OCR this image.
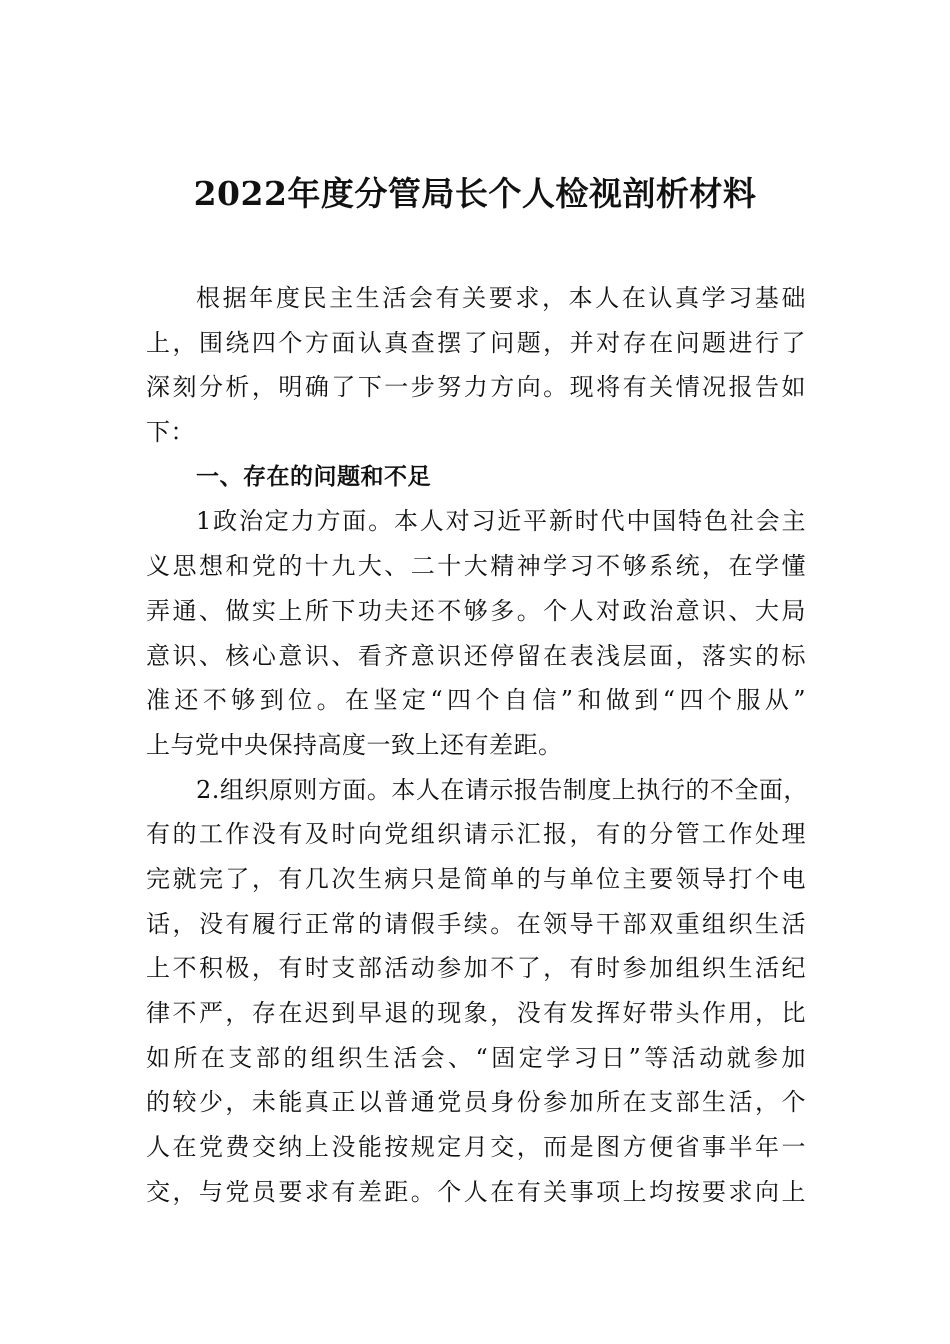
2022年度分管局长个人检视剖析材料
根据年度民主生活会有关要求，本人在认真学习基础
上，围绕四个方面认真查摆了问题，并对存在问题进行了
深刻分析，明确了下一步努力方向。现将有关情况报告如
下：
一、存在的问题和不足
1政治定力方面。本人对习近平新时代中国特色社会主
义思想和党的十九大、二十大精神学习不够系统，在学懂
弄通、做实上所下功夫还不够多。个人对政治意识、大局
意识、核心意识、看齐意识还停留在表浅层面，落实的标
准还不够到位。在坚定“四个自信”和做到“四个服从”
上与党中央保持高度一致上还有差距。
2.组织原则方面。本人在请示报告制度上执行的不全面，
有的工作没有及时向党组织请示汇报，有的分管工作处理
完就完了，有几次生病只是简单的与单位主要领导打个电
话，没有履行正常的请假手续。在领导干部双重组织生活
上不积极，有时支部活动参加不了，有时参加组织生活纪
律不严，存在迟到早退的现象，没有发挥好带头作用，比
如所在支部的组织生活会、“固定学习日”等活动就参加
的较少，未能真正以普通党员身份参加所在支部生活，个
人在党费交纳上没能按规定月交，而是图方便省事半年一
交，与党员要求有差距。个人在有关事项上均按要求向上
